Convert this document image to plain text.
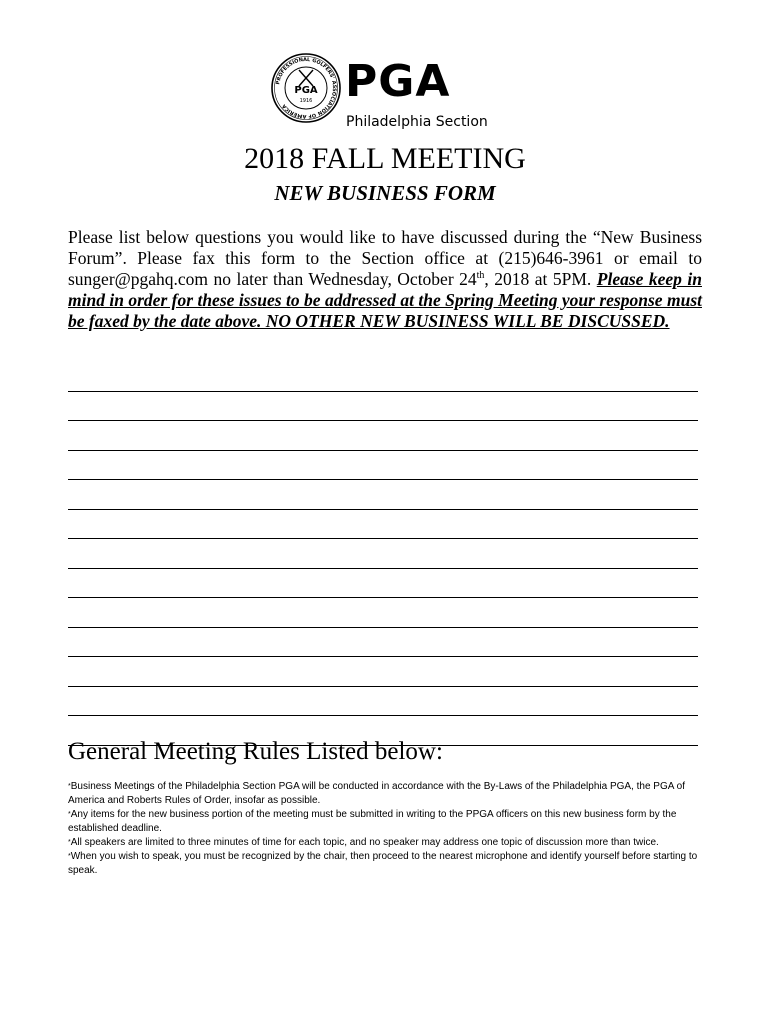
PROFESSIONAL GOLFERS' ASSOCIATION OF AMERICA
PGA
1916 PGA
Philadelphia Section
2018 FALL MEETING
NEW BUSINESS FORM
Please list below questions you would like to have discussed during the “New Business Forum”. Please fax this form to the Section office at (215)646-3961 or email to sunger@pgahq.com no later than Wednesday, October 24th, 2018 at 5PM. Please keep in mind in order for these issues to be addressed at the Spring Meeting your response must be faxed by the date above. NO OTHER NEW BUSINESS WILL BE DISCUSSED.
General Meeting Rules Listed below:
*Business Meetings of the Philadelphia Section PGA will be conducted in accordance with the By-Laws of the Philadelphia PGA, the PGA of America and Roberts Rules of Order, insofar as possible.
*Any items for the new business portion of the meeting must be submitted in writing to the PPGA officers on this new business form by the established deadline.
*All speakers are limited to three minutes of time for each topic, and no speaker may address one topic of discussion more than twice.
*When you wish to speak, you must be recognized by the chair, then proceed to the nearest microphone and identify yourself before starting to speak.
